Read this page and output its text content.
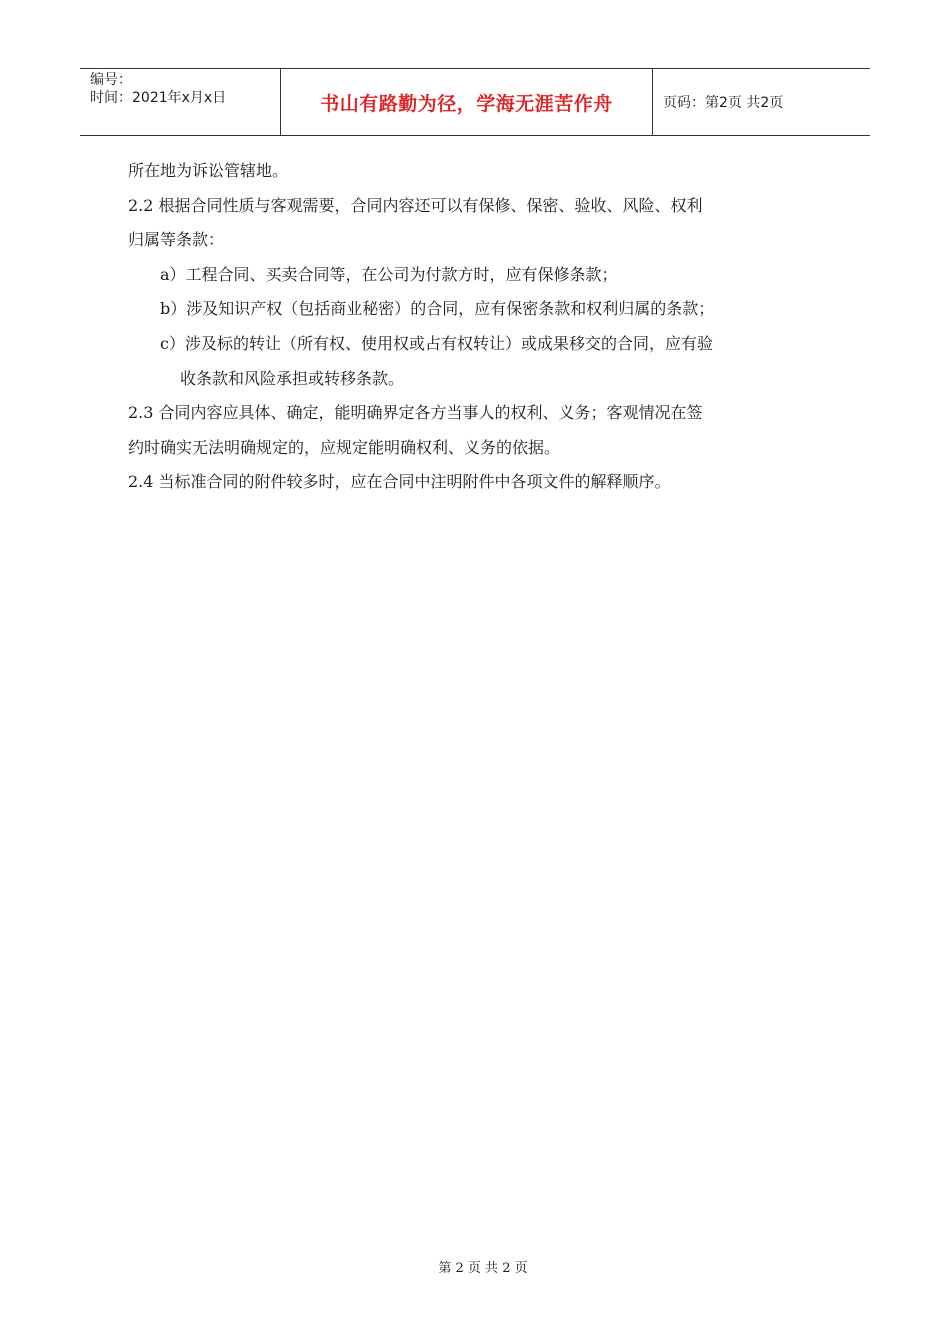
编号：
时间：2021年x月x日	书山有路勤为径，学海无涯苦作舟	页码：第2页 共2页

所在地为诉讼管辖地。

2.2 根据合同性质与客观需要，合同内容还可以有保修、保密、验收、风险、权利

归属等条款：

a）工程合同、买卖合同等，在公司为付款方时，应有保修条款；

b）涉及知识产权（包括商业秘密）的合同，应有保密条款和权利归属的条款；

c）涉及标的转让（所有权、使用权或占有权转让）或成果移交的合同，应有验

收条款和风险承担或转移条款。

2.3 合同内容应具体、确定，能明确界定各方当事人的权利、义务；客观情况在签

约时确实无法明确规定的，应规定能明确权利、义务的依据。

2.4 当标准合同的附件较多时，应在合同中注明附件中各项文件的解释顺序。

第 2 页 共 2 页
